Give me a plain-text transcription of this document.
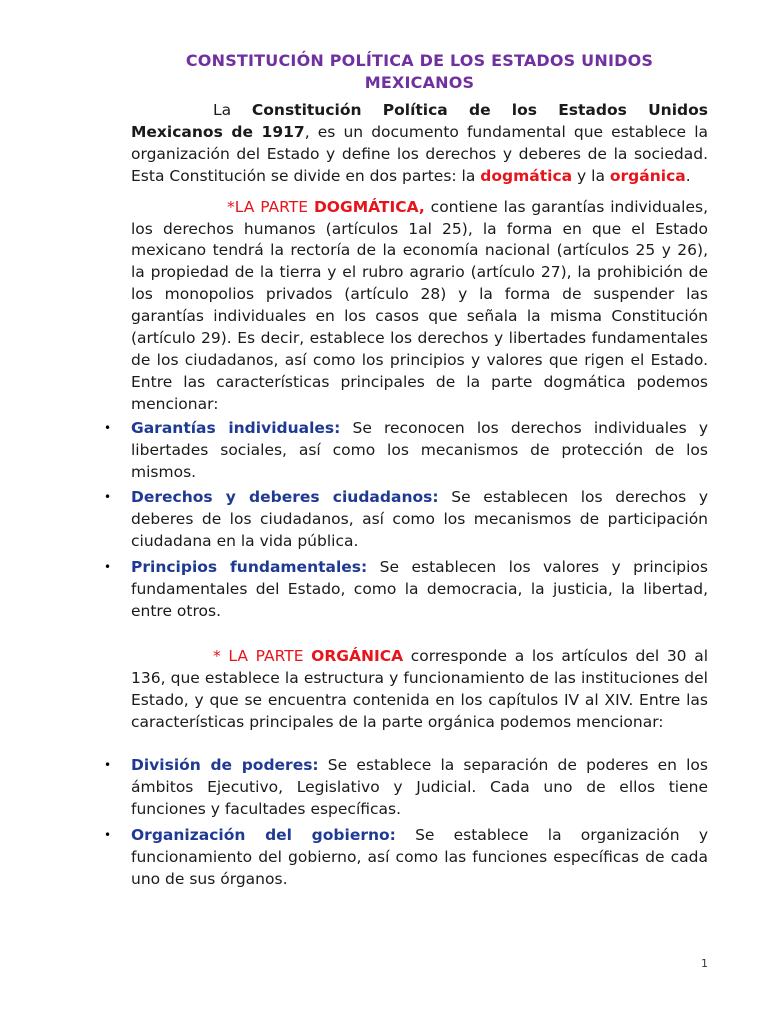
CONSTITUCIÓN POLÍTICA DE LOS ESTADOS UNIDOS MEXICANOS

La Constitución Política de los Estados Unidos Mexicanos de 1917, es un documento fundamental que establece la organización del Estado y define los derechos y deberes de la sociedad. Esta Constitución se divide en dos partes: la dogmática y la orgánica.

*LA PARTE DOGMÁTICA, contiene las garantías individuales, los derechos humanos (artículos 1al 25), la forma en que el Estado mexicano tendrá la rectoría de la economía nacional (artículos 25 y 26), la propiedad de la tierra y el rubro agrario (artículo 27), la prohibición de los monopolios privados (artículo 28) y la forma de suspender las garantías individuales en los casos que señala la misma Constitución (artículo 29). Es decir, establece los derechos y libertades fundamentales de los ciudadanos, así como los principios y valores que rigen el Estado. Entre las características principales de la parte dogmática podemos mencionar:

• Garantías individuales: Se reconocen los derechos individuales y libertades sociales, así como los mecanismos de protección de los mismos.
• Derechos y deberes ciudadanos: Se establecen los derechos y deberes de los ciudadanos, así como los mecanismos de participación ciudadana en la vida pública.
• Principios fundamentales: Se establecen los valores y principios fundamentales del Estado, como la democracia, la justicia, la libertad, entre otros.

* LA PARTE ORGÁNICA corresponde a los artículos del 30 al 136, que establece la estructura y funcionamiento de las instituciones del Estado, y que se encuentra contenida en los capítulos IV al XIV. Entre las características principales de la parte orgánica podemos mencionar:

• División de poderes: Se establece la separación de poderes en los ámbitos Ejecutivo, Legislativo y Judicial. Cada uno de ellos tiene funciones y facultades específicas.
• Organización del gobierno: Se establece la organización y funcionamiento del gobierno, así como las funciones específicas de cada uno de sus órganos.
1
